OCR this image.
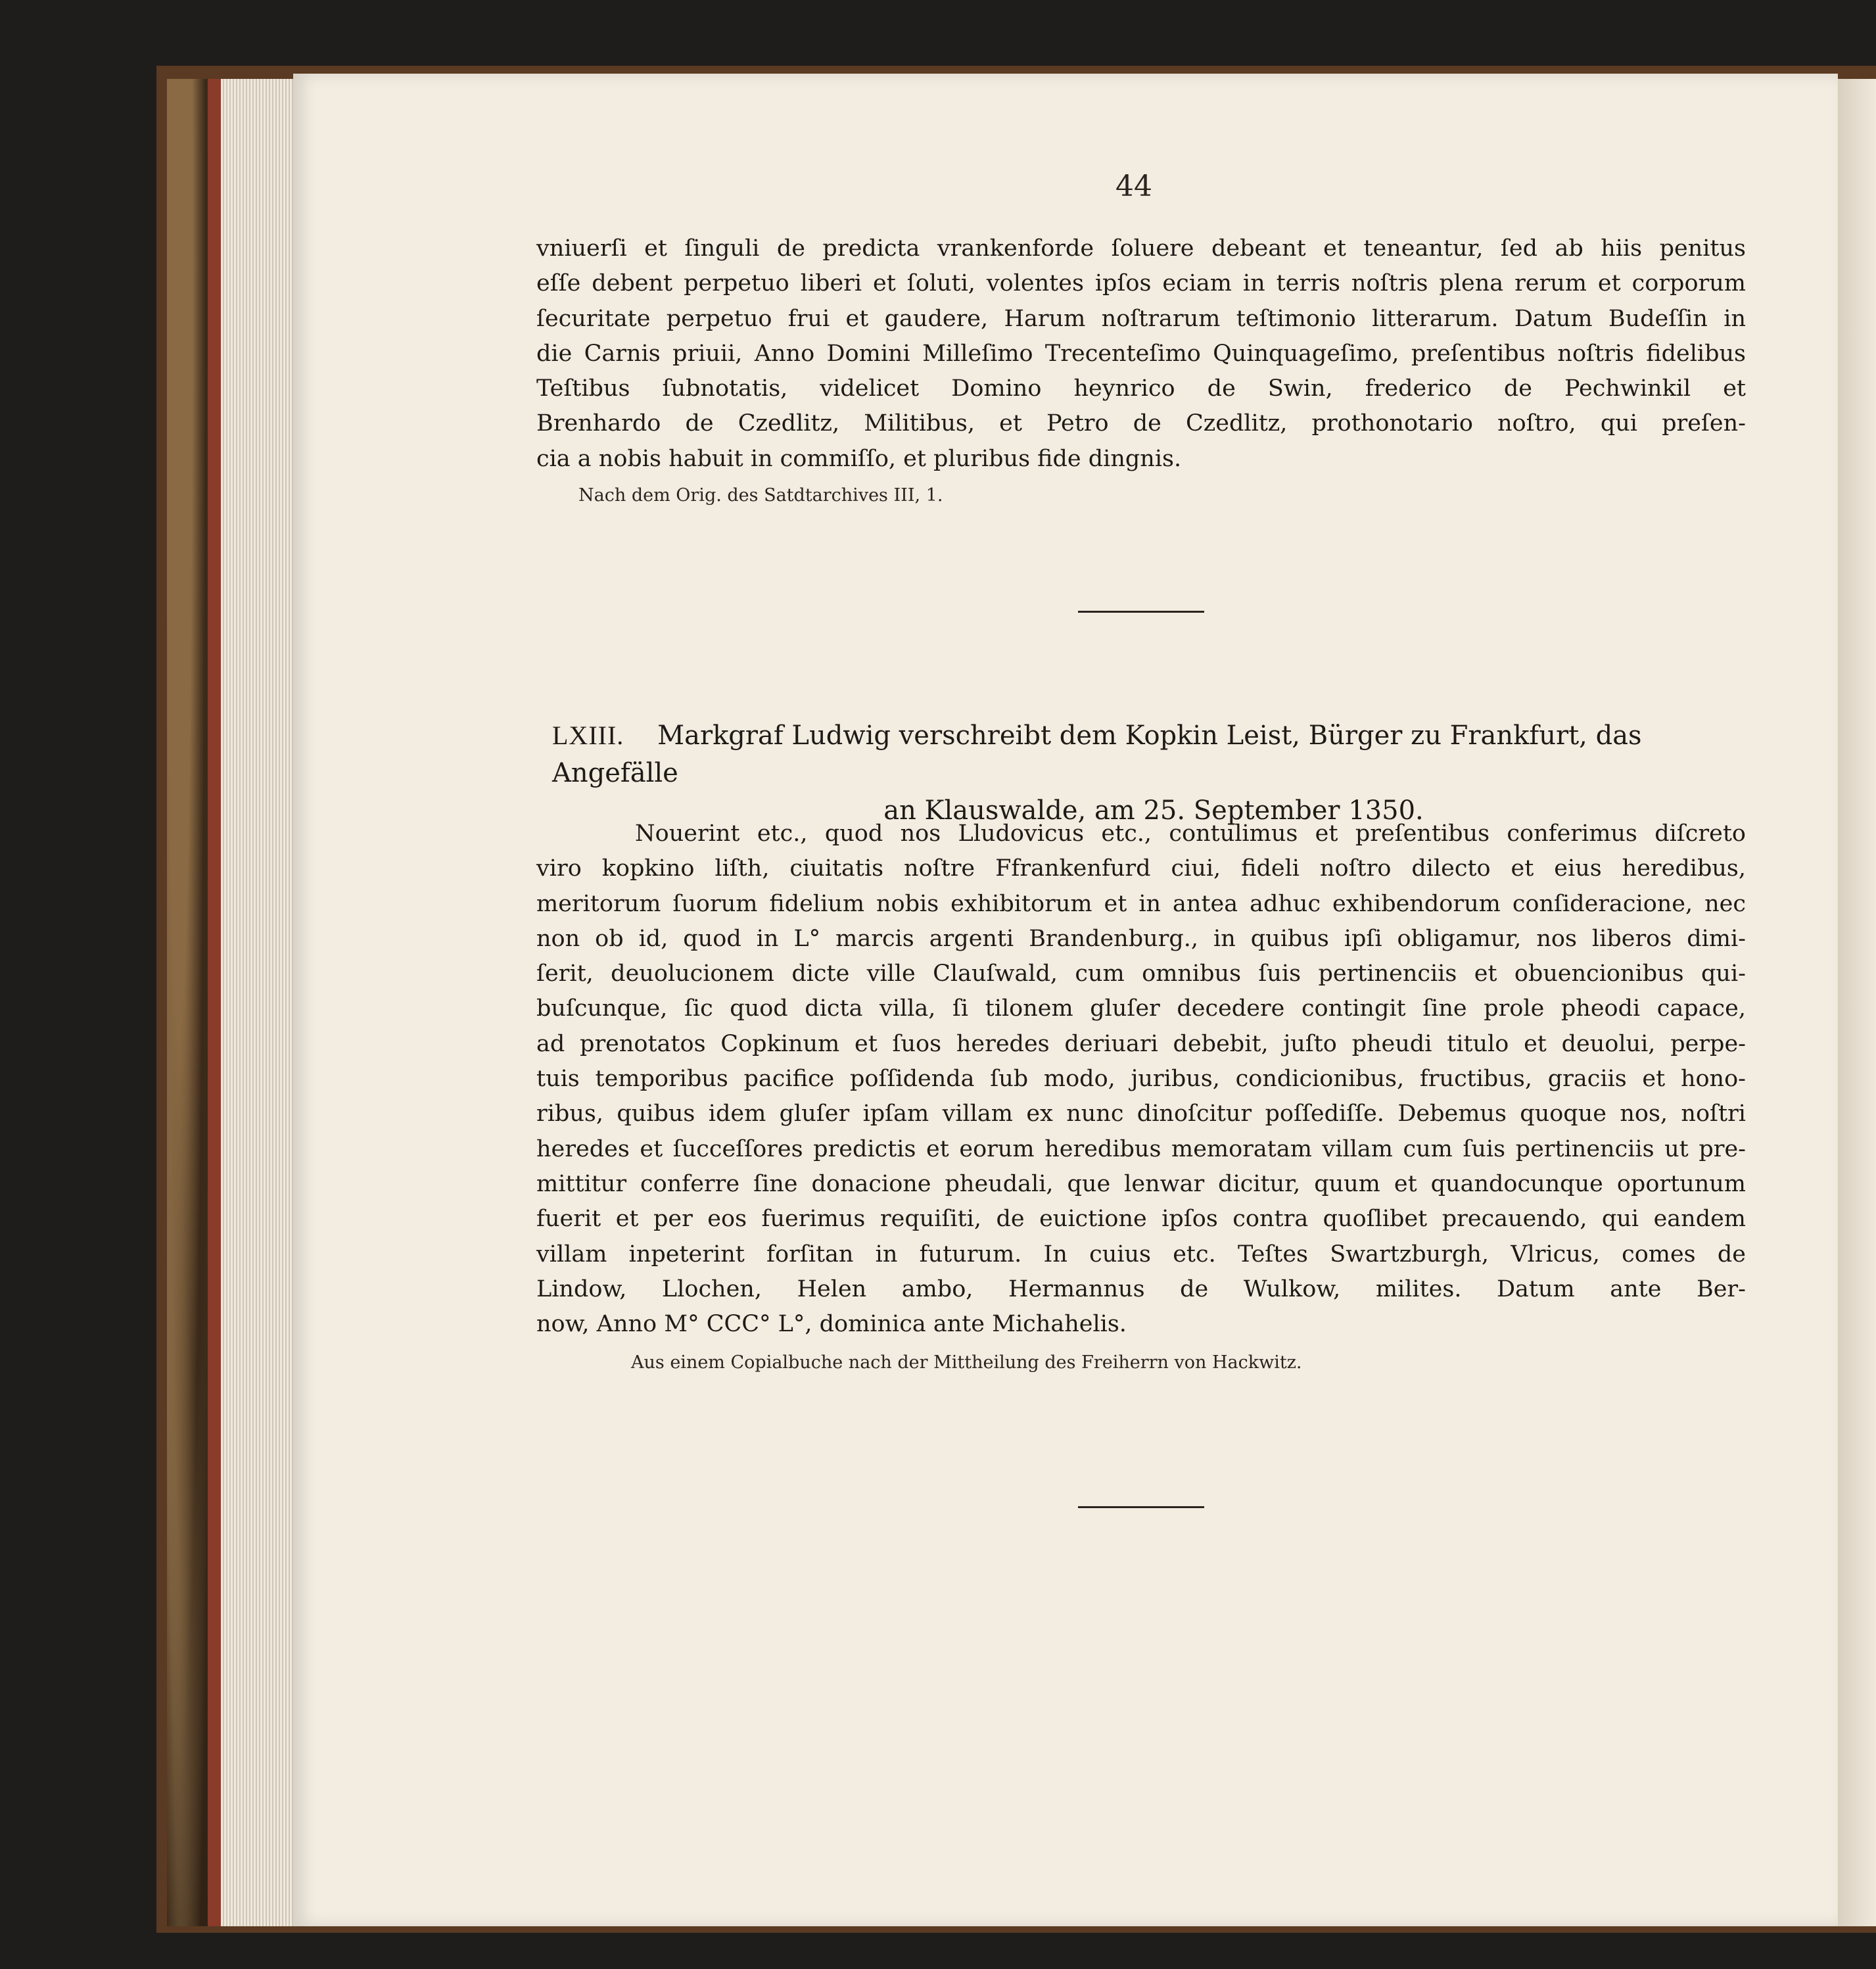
44
vniuerſi et ſinguli de predicta vrankenforde ſoluere debeant et teneantur, ſed ab hiis penitus
eſſe debent perpetuo liberi et ſoluti, volentes ipſos eciam in terris noſtris plena rerum et corporum
ſecuritate perpetuo frui et gaudere, Harum noſtrarum teſtimonio litterarum. Datum Budeſſin in
die Carnis priuii, Anno Domini Milleſimo Trecenteſimo Quinquageſimo, preſentibus noſtris fidelibus
Teſtibus ſubnotatis, videlicet Domino heynrico de Swin, frederico de Pechwinkil et
Brenhardo de Czedlitz, Militibus, et Petro de Czedlitz, prothonotario noſtro, qui preſen-
cia a nobis habuit in commiſſo, et pluribus fide dingnis.
Nach dem Orig. des Satdtarchives III, 1.
LXIII. Markgraf Ludwig verschreibt dem Kopkin Leist, Bürger zu Frankfurt, das Angefälle
an Klauswalde, am 25. September 1350.
Nouerint etc., quod nos Lludovicus etc., contulimus et preſentibus conferimus diſcreto
viro kopkino liſth, ciuitatis noſtre Ffrankenfurd ciui, fideli noſtro dilecto et eius heredibus,
meritorum ſuorum fidelium nobis exhibitorum et in antea adhuc exhibendorum conſideracione, nec
non ob id, quod in L° marcis argenti Brandenburg., in quibus ipſi obligamur, nos liberos dimi-
ſerit, deuolucionem dicte ville Clauſwald, cum omnibus ſuis pertinenciis et obuencionibus qui-
buſcunque, ſic quod dicta villa, ſi tilonem gluſer decedere contingit ſine prole pheodi capace,
ad prenotatos Copkinum et ſuos heredes deriuari debebit, juſto pheudi titulo et deuolui, perpe-
tuis temporibus pacifice poſſidenda ſub modo, juribus, condicionibus, fructibus, graciis et hono-
ribus, quibus idem gluſer ipſam villam ex nunc dinoſcitur poſſediſſe. Debemus quoque nos, noſtri
heredes et ſucceſſores predictis et eorum heredibus memoratam villam cum ſuis pertinenciis ut pre-
mittitur conferre ſine donacione pheudali, que lenwar dicitur, quum et quandocunque oportunum
fuerit et per eos fuerimus requiſiti, de euictione ipſos contra quoſlibet precauendo, qui eandem
villam inpeterint forſitan in futurum. In cuius etc. Teſtes Swartzburgh, Vlricus, comes de
Lindow, Llochen, Helen ambo, Hermannus de Wulkow, milites. Datum ante Ber-
now, Anno M° CCC° L°, dominica ante Michahelis.
Aus einem Copialbuche nach der Mittheilung des Freiherrn von Hackwitz.
